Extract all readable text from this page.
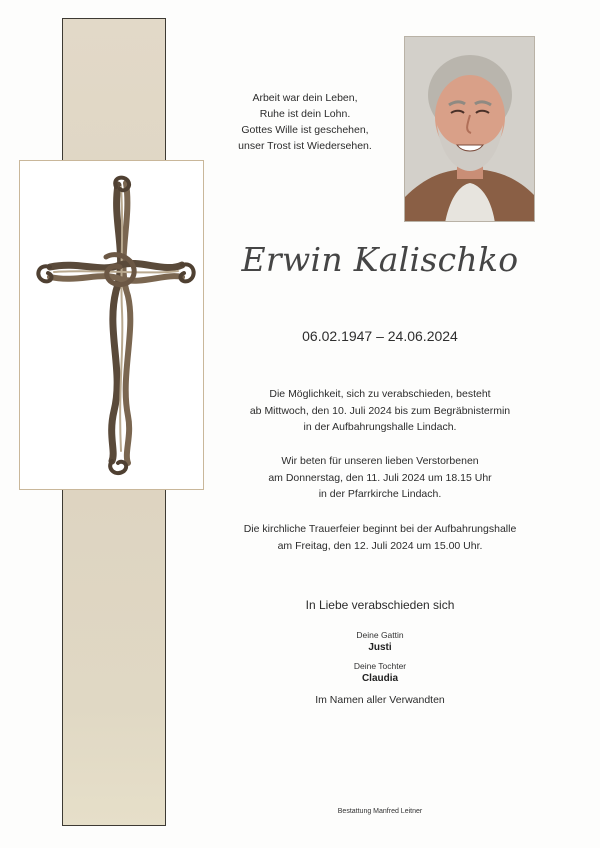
Arbeit war dein Leben,
Ruhe ist dein Lohn.
Gottes Wille ist geschehen,
unser Trost ist Wiedersehen.
Erwin Kalischko
06.02.1947 – 24.06.2024
Die Möglichkeit, sich zu verabschieden, besteht
ab Mittwoch, den 10. Juli 2024 bis zum Begräbnistermin
in der Aufbahrungshalle Lindach.
Wir beten für unseren lieben Verstorbenen
am Donnerstag, den 11. Juli 2024 um 18.15 Uhr
in der Pfarrkirche Lindach.
Die kirchliche Trauerfeier beginnt bei der Aufbahrungshalle
am Freitag, den 12. Juli 2024 um 15.00 Uhr.
In Liebe verabschieden sich
Deine Gattin
Justi
Deine Tochter
Claudia
Im Namen aller Verwandten
Bestattung Manfred Leitner
